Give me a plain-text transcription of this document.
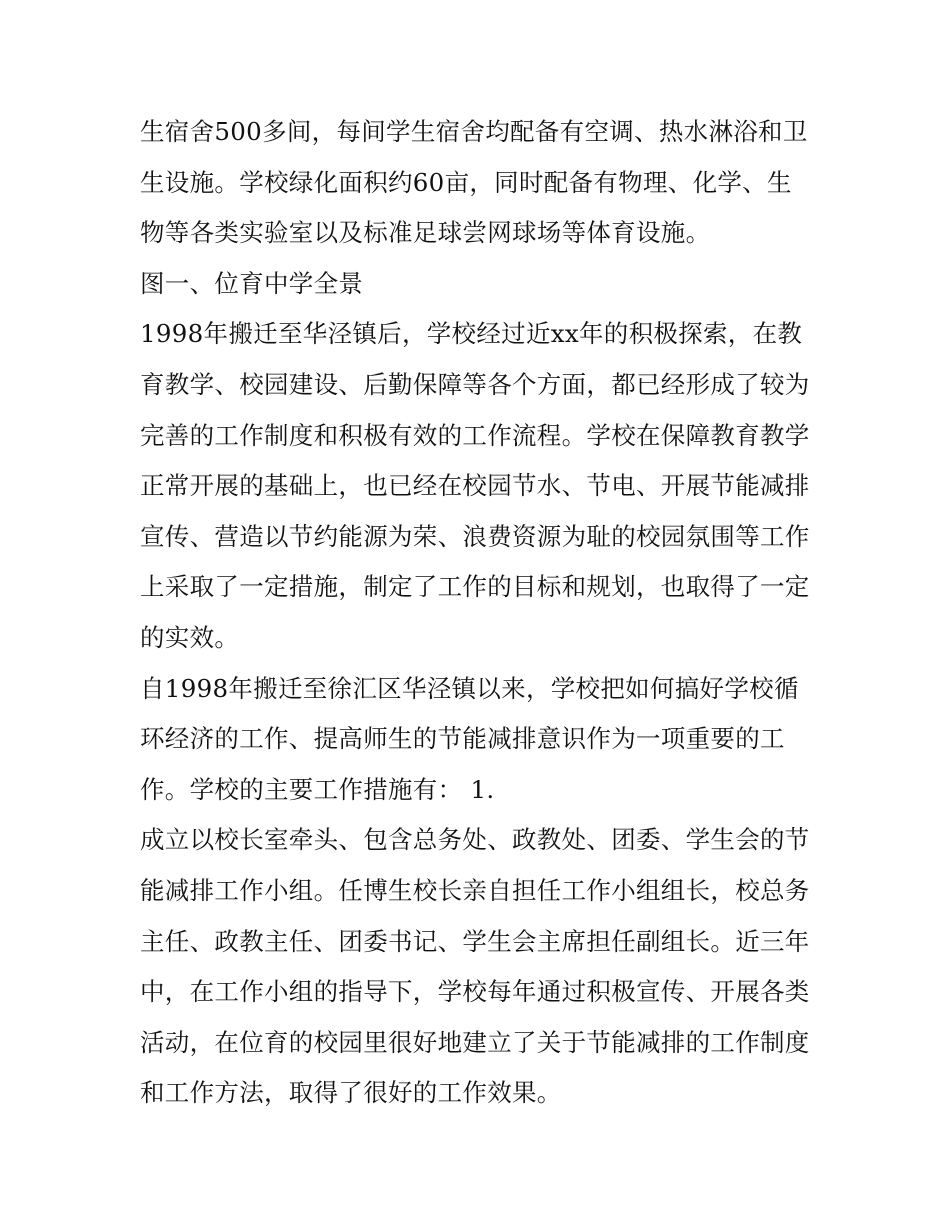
生宿舍500多间，每间学生宿舍均配备有空调、热水淋浴和卫
生设施。学校绿化面积约60亩，同时配备有物理、化学、生
物等各类实验室以及标准足球尝网球场等体育设施。
图一、位育中学全景
1998年搬迁至华泾镇后，学校经过近xx年的积极探索，在教
育教学、校园建设、后勤保障等各个方面，都已经形成了较为
完善的工作制度和积极有效的工作流程。学校在保障教育教学
正常开展的基础上，也已经在校园节水、节电、开展节能减排
宣传、营造以节约能源为荣、浪费资源为耻的校园氛围等工作
上采取了一定措施，制定了工作的目标和规划，也取得了一定
的实效。
自1998年搬迁至徐汇区华泾镇以来，学校把如何搞好学校循
环经济的工作、提高师生的节能减排意识作为一项重要的工
作。学校的主要工作措施有： 1.
成立以校长室牵头、包含总务处、政教处、团委、学生会的节
能减排工作小组。任博生校长亲自担任工作小组组长，校总务
主任、政教主任、团委书记、学生会主席担任副组长。近三年
中，在工作小组的指导下，学校每年通过积极宣传、开展各类
活动，在位育的校园里很好地建立了关于节能减排的工作制度
和工作方法，取得了很好的工作效果。
